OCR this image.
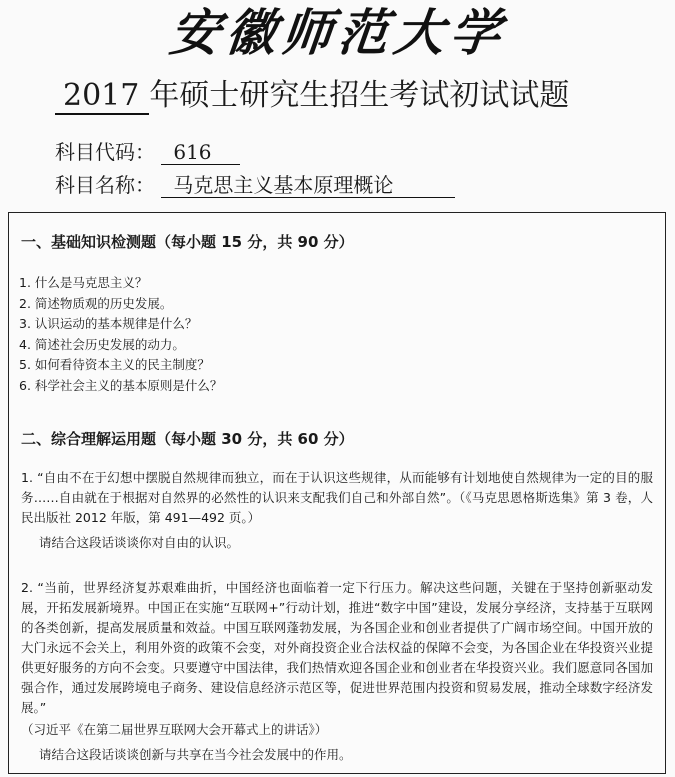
安徽师范大学
2017 年硕士研究生招生考试初试试题
科目代码： 616
科目名称： 马克思主义基本原理概论
一、基础知识检测题（每小题 15 分，共 90 分）
1. 什么是马克思主义？
2. 简述物质观的历史发展。
3. 认识运动的基本规律是什么？
4. 简述社会历史发展的动力。
5. 如何看待资本主义的民主制度？
6. 科学社会主义的基本原则是什么？
二、综合理解运用题（每小题 30 分，共 60 分）

1. “自由不在于幻想中摆脱自然规律而独立，而在于认识这些规律，从而能够有计划地使自然规律为一定的目的服务……自由就在于根据对自然界的必然性的认识来支配我们自己和外部自然”。（《马克思恩格斯选集》第 3 卷，人民出版社 2012 年版，第 491—492 页。）

请结合这段话谈谈你对自由的认识。

2. “当前，世界经济复苏艰难曲折，中国经济也面临着一定下行压力。解决这些问题，关键在于坚持创新驱动发展，开拓发展新境界。中国正在实施“互联网+”行动计划，推进“数字中国”建设，发展分享经济，支持基于互联网的各类创新，提高发展质量和效益。中国互联网蓬勃发展，为各国企业和创业者提供了广阔市场空间。中国开放的大门永远不会关上，利用外资的政策不会变，对外商投资企业合法权益的保障不会变，为各国企业在华投资兴业提供更好服务的方向不会变。只要遵守中国法律，我们热情欢迎各国企业和创业者在华投资兴业。我们愿意同各国加强合作，通过发展跨境电子商务、建设信息经济示范区等，促进世界范围内投资和贸易发展，推动全球数字经济发展。”

（习近平《在第二届世界互联网大会开幕式上的讲话》）

请结合这段话谈谈创新与共享在当今社会发展中的作用。
